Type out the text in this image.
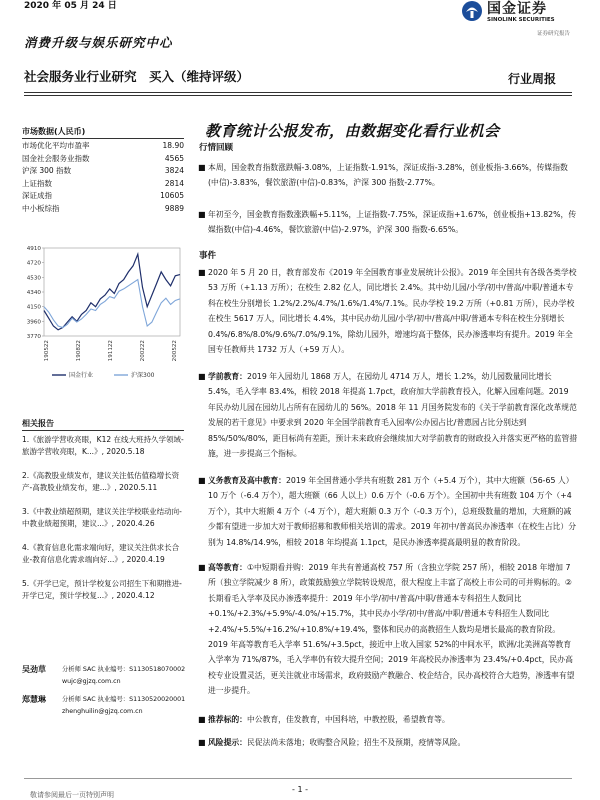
2020 年 05 月 24 日	国金证券
SINOLINK SECURITIES
证券研究报告
消费升级与娱乐研究中心
社会服务业行业研究　买入（维持评级）	行业周报
市场数据(人民币)
市场优化平均市盈率	18.90
国金社会服务业指数	4565
沪深 300 指数	3824
上证指数	2814
深证成指	10605
中小板综指	9889
3770
3960
4150
4340
4530
4720
4910
190522	190822	191122	200222	200522
国金行业	沪深300
相关报告
1.《旅游学营收亮眼，K12 在线大班持久学领域-旅游学营收亮眼，K...》, 2020.5.18
2.《高教股业绩发布，建议关注低估值稳增长资产-高教股业绩发布，建...》, 2020.5.11
3.《中教业绩超预期，建议关注学校联业结动向-中教业绩超预期，建议...》, 2020.4.26
4.《教育信息化需求端向好，建议关注供求长合业-教育信息化需求端向好...》, 2020.4.19
5.《开学已定，预计学校复公司招生下和期推进-开学已定，预计学校复...》, 2020.4.12
吴劲草	分析师 SAC 执业编号：S1130518070002
wujc@gjzq.com.cn
郑慧琳	分析师 SAC 执业编号：S1130520020001
zhenghuilin@gjzq.com.cn
教育统计公报发布，由数据变化看行业机会
行情回顾
■ 本周，国金教育指数涨跌幅-3.08%，上证指数-1.91%，深证成指-3.28%，创业板指-3.66%，传媒指数(中信)-3.83%，餐饮旅游(中信)-0.83%，沪深 300 指数-2.77%。
■ 年初至今，国金教育指数涨跌幅+5.11%，上证指数-7.75%，深证成指+1.67%，创业板指+13.82%，传媒指数(中信)-4.46%，餐饮旅游(中信)-2.97%，沪深 300 指数-6.65%。
事件
■ 2020 年 5 月 20 日，教育部发布《2019 年全国教育事业发展统计公报》。2019 年全国共有各级各类学校 53 万所（+1.13 万所）；在校生 2.82 亿人，同比增长 2.4%。其中幼儿园/小学/初中/普高/中职/普通本专科在校生分别增长 1.2%/2.2%/4.7%/1.6%/1.4%/7.1%。民办学校 19.2 万所（+0.81 万所），民办学校在校生 5617 万人，同比增长 4.4%，其中民办幼儿园/小学/初中/普高/中职/普通本专科在校生分别增长 0.4%/6.8%/8.0%/9.6%/7.0%/9.1%，除幼儿园外，增速均高于整体，民办渗透率均有提升。2019 年全国专任教师共 1732 万人（+59 万人）。
■ 学前教育：2019 年入园幼儿 1868 万人，在园幼儿 4714 万人，增长 1.2%，幼儿园数量同比增长 5.4%，毛入学率 83.4%，相较 2018 年提高 1.7pct，政府加大学前教育投入，化解入园难问题。2019 年民办幼儿园在园幼儿占所有在园幼儿的 56%。2018 年 11 月国务院发布的《关于学前教育深化改革规范发展的若干意见》中要求到 2020 年全国学前教育毛入园率/公办园占比/普惠园占比分别达到 85%/50%/80%，距目标尚有差距，预计未来政府会继续加大对学前教育的财政投入并落实更严格的监管措施，进一步提高三个指标。
■ 义务教育及高中教育：2019 年全国普通小学共有班数 281 万个（+5.4 万个），其中大班额（56-65 人）10 万个（-6.4 万个），超大班额（66 人以上）0.6 万个（-0.6 万个）。全国初中共有班数 104 万个（+4 万个），其中大班额 4 万个（-4 万个），超大班额 0.3 万个（-0.3 万个），总班级数量的增加，大班额的减少都有望进一步加大对于教师招募和教师相关培训的需求。2019 年初中/普高民办渗透率（在校生占比）分别为 14.8%/14.9%，相较 2018 年均提高 1.1pct，是民办渗透率提高最明显的教育阶段。
■ 高等教育：①中短期看并购：2019 年共有普通高校 757 所（含独立学院 257 所），相较 2018 年增加 7 所（独立学院减少 8 所），政策鼓励独立学院转设规范，很大程度上丰富了高校上市公司的可并购标的。②长期看毛入学率及民办渗透率提升：2019 年小学/初中/普高/中职/普通本专科招生人数同比+0.1%/+2.3%/+5.9%/-4.0%/+15.7%，其中民办小学/初中/普高/中职/普通本专科招生人数同比+2.4%/+5.5%/+16.2%/+10.8%/+19.4%，整体和民办的高教招生人数均是增长最高的教育阶段。2019 年高等教育毛入学率 51.6%/+3.5pct，接近中上收入国家 52%的中间水平，欧洲/北美洲高等教育入学率为 71%/87%，毛入学率仍有较大提升空间；2019 年高校民办渗透率为 23.4%/+0.4pct，民办高校专业设置灵活，更关注就业市场需求，政府鼓励产教融合、校企结合，民办高校符合大趋势，渗透率有望进一步提升。
■ 推荐标的：中公教育，佳发教育，中国科培，中教控股，希望教育等。
■ 风险提示：民促法尚未落地；收购整合风险；招生不及预期，疫情等风险。
- 1 -
敬请参阅最后一页特别声明
